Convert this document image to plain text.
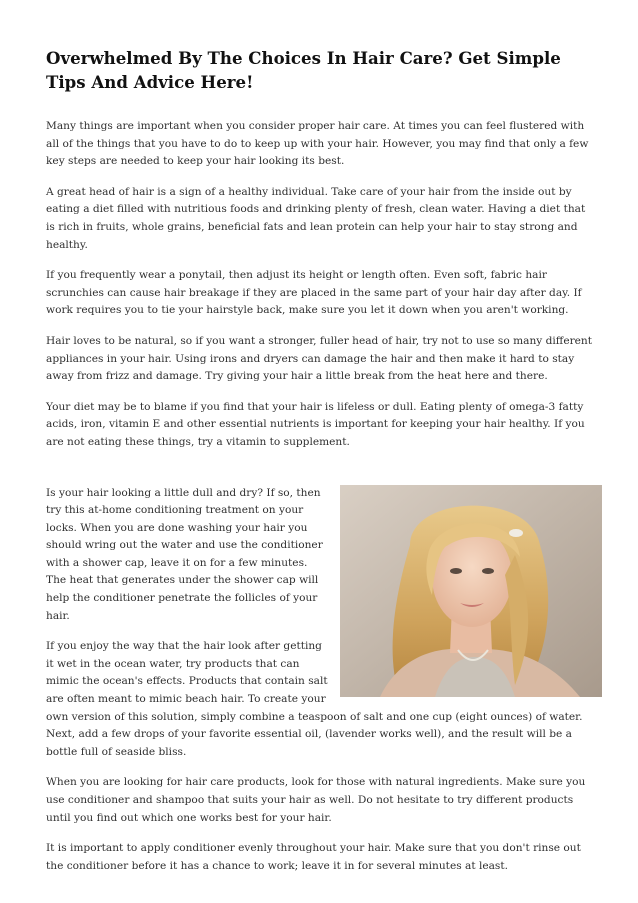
Overwhelmed By The Choices In Hair Care? Get Simple Tips And Advice Here!

Many things are important when you consider proper hair care. At times you can feel flustered with all of the things that you have to do to keep up with your hair. However, you may find that only a few key steps are needed to keep your hair looking its best.

A great head of hair is a sign of a healthy individual. Take care of your hair from the inside out by eating a diet filled with nutritious foods and drinking plenty of fresh, clean water. Having a diet that is rich in fruits, whole grains, beneficial fats and lean protein can help your hair to stay strong and healthy.

If you frequently wear a ponytail, then adjust its height or length often. Even soft, fabric hair scrunchies can cause hair breakage if they are placed in the same part of your hair day after day. If work requires you to tie your hairstyle back, make sure you let it down when you aren't working.

Hair loves to be natural, so if you want a stronger, fuller head of hair, try not to use so many different appliances in your hair. Using irons and dryers can damage the hair and then make it hard to stay away from frizz and damage. Try giving your hair a little break from the heat here and there.

Your diet may be to blame if you find that your hair is lifeless or dull. Eating plenty of omega-3 fatty acids, iron, vitamin E and other essential nutrients is important for keeping your hair healthy. If you are not eating these things, try a vitamin to supplement.

Is your hair looking a little dull and dry? If so, then try this at-home conditioning treatment on your locks. When you are done washing your hair you should wring out the water and use the conditioner with a shower cap, leave it on for a few minutes. The heat that generates under the shower cap will help the conditioner penetrate the follicles of your hair.

If you enjoy the way that the hair look after getting it wet in the ocean water, try products that can mimic the ocean's effects. Products that contain salt are often meant to mimic beach hair. To create your own version of this solution, simply combine a teaspoon of salt and one cup (eight ounces) of water. Next, add a few drops of your favorite essential oil, (lavender works well), and the result will be a bottle full of seaside bliss.

When you are looking for hair care products, look for those with natural ingredients. Make sure you use conditioner and shampoo that suits your hair as well. Do not hesitate to try different products until you find out which one works best for your hair.

It is important to apply conditioner evenly throughout your hair. Make sure that you don't rinse out the conditioner before it has a chance to work; leave it in for several minutes at least.
